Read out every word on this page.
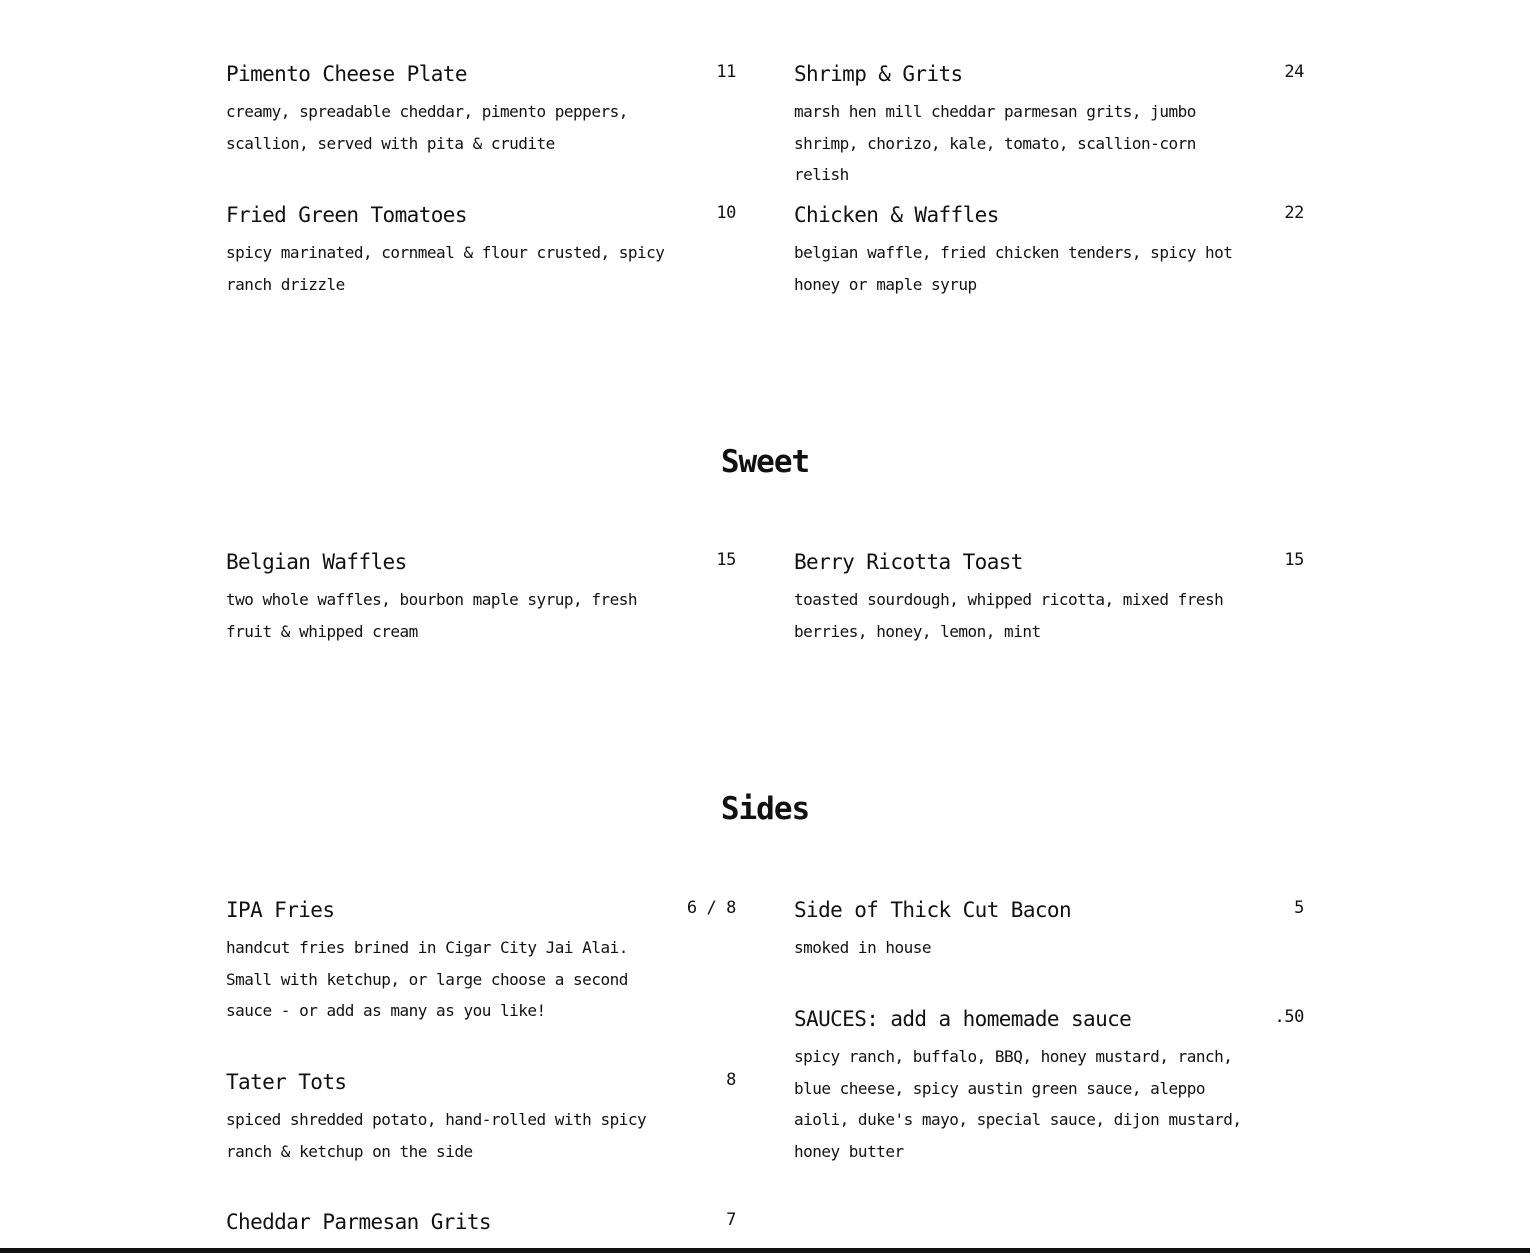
Pimento Cheese Plate	11
creamy, spreadable cheddar, pimento peppers, scallion, served with pita & crudite
Shrimp & Grits	24
marsh hen mill cheddar parmesan grits, jumbo shrimp, chorizo, kale, tomato, scallion-corn relish
Fried Green Tomatoes	10
spicy marinated, cornmeal & flour crusted, spicy ranch drizzle
Chicken & Waffles	22
belgian waffle, fried chicken tenders, spicy hot honey or maple syrup
Sweet
Belgian Waffles	15
two whole waffles, bourbon maple syrup, fresh fruit & whipped cream
Berry Ricotta Toast	15
toasted sourdough, whipped ricotta, mixed fresh berries, honey, lemon, mint
Sides
IPA Fries	6 / 8
handcut fries brined in Cigar City Jai Alai. Small with ketchup, or large choose a second sauce - or add as many as you like!
Side of Thick Cut Bacon	5
smoked in house
Tater Tots	8
spiced shredded potato, hand-rolled with spicy ranch & ketchup on the side
SAUCES: add a homemade sauce	.50
spicy ranch, buffalo, BBQ, honey mustard, ranch, blue cheese, spicy austin green sauce, aleppo aioli, duke's mayo, special sauce, dijon mustard, honey butter
Cheddar Parmesan Grits	7
